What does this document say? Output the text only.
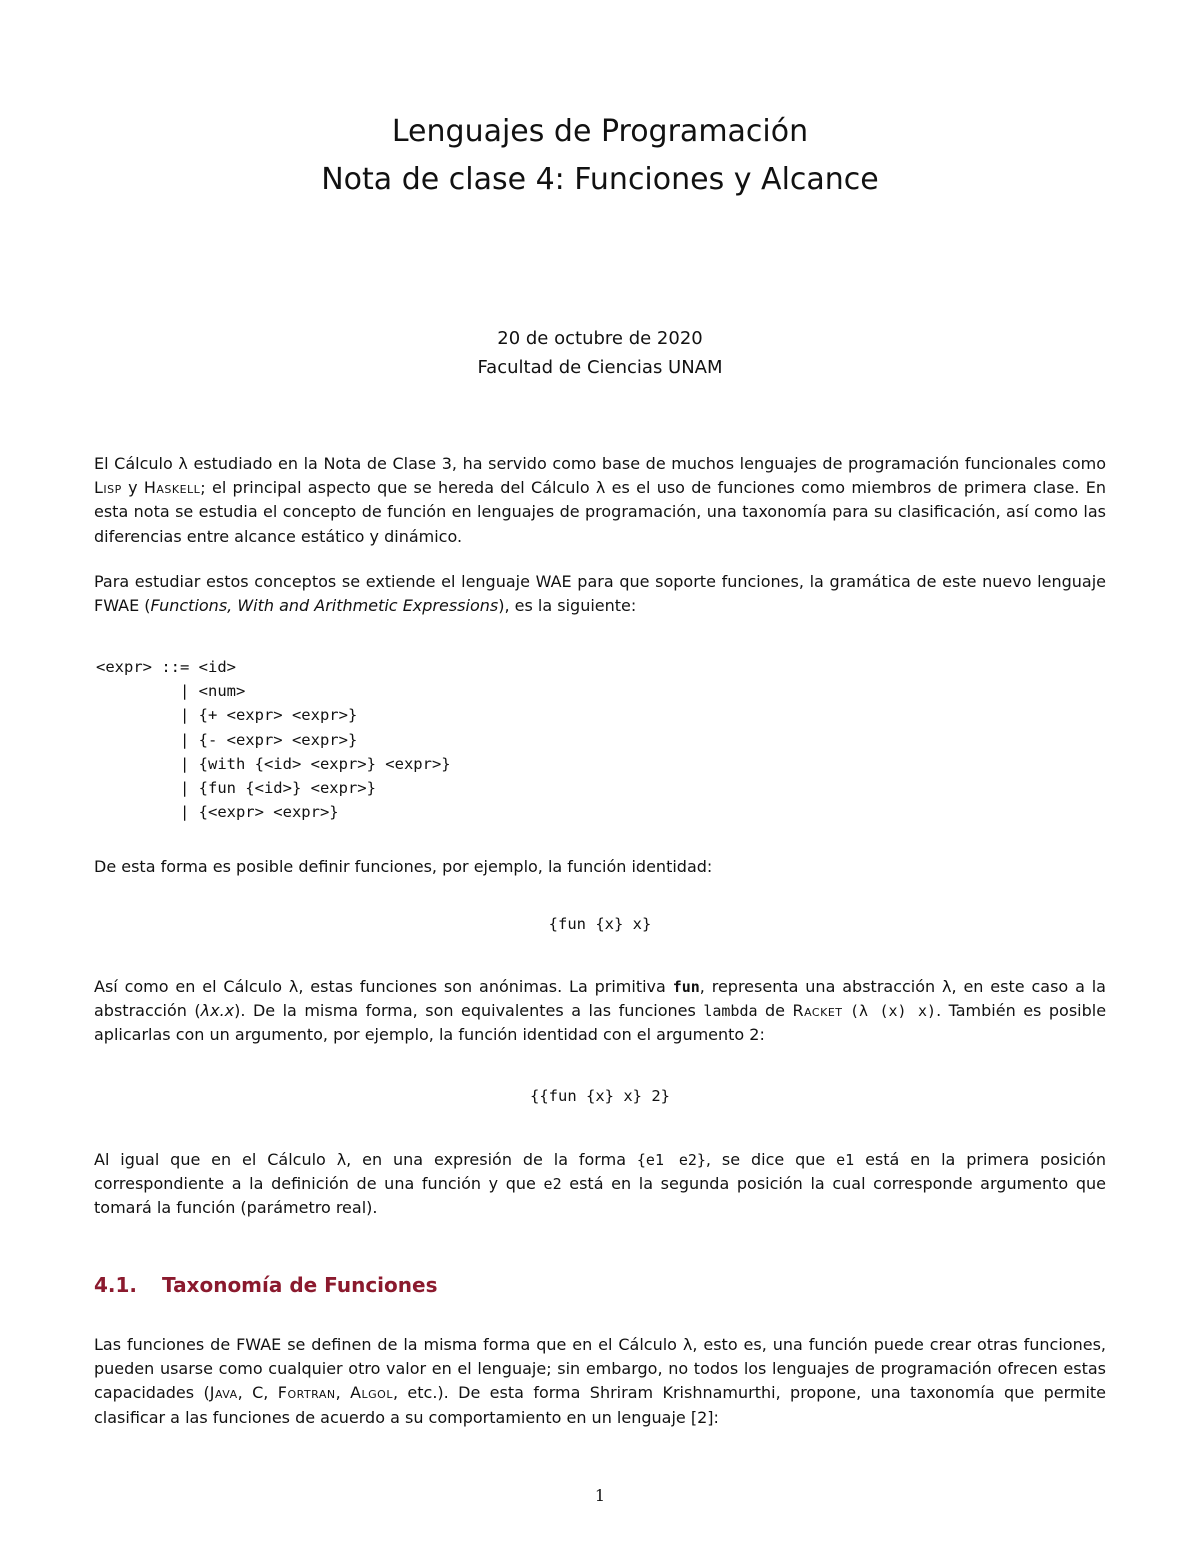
Lenguajes de Programación
Nota de clase 4: Funciones y Alcance
20 de octubre de 2020
Facultad de Ciencias UNAM

El Cálculo λ estudiado en la Nota de Clase 3, ha servido como base de muchos lenguajes de programación funcionales como Lisp y Haskell; el principal aspecto que se hereda del Cálculo λ es el uso de funciones como miembros de primera clase. En esta nota se estudia el concepto de función en lenguajes de programación, una taxonomía para su clasificación, así como las diferencias entre alcance estático y dinámico.

Para estudiar estos conceptos se extiende el lenguaje WAE para que soporte funciones, la gramática de este nuevo lenguaje FWAE (Functions, With and Arithmetic Expressions), es la siguiente:

<expr> ::= <id>
| <num>
| {+ <expr> <expr>}
| {- <expr> <expr>}
| {with {<id> <expr>} <expr>}
| {fun {<id>} <expr>}
| {<expr> <expr>}

De esta forma es posible definir funciones, por ejemplo, la función identidad:

{fun {x} x}

Así como en el Cálculo λ, estas funciones son anónimas. La primitiva fun, representa una abstracción λ, en este caso a la abstracción (λx.x). De la misma forma, son equivalentes a las funciones lambda de Racket (λ (x) x). También es posible aplicarlas con un argumento, por ejemplo, la función identidad con el argumento 2:

{{fun {x} x} 2}

Al igual que en el Cálculo λ, en una expresión de la forma {e1 e2}, se dice que e1 está en la primera posición correspondiente a la definición de una función y que e2 está en la segunda posición la cual corresponde argumento que tomará la función (parámetro real).

4.1. Taxonomía de Funciones

Las funciones de FWAE se definen de la misma forma que en el Cálculo λ, esto es, una función puede crear otras funciones, pueden usarse como cualquier otro valor en el lenguaje; sin embargo, no todos los lenguajes de programación ofrecen estas capacidades (Java, C, Fortran, Algol, etc.). De esta forma Shriram Krishnamurthi, propone, una taxonomía que permite clasificar a las funciones de acuerdo a su comportamiento en un lenguaje [2]:

1
